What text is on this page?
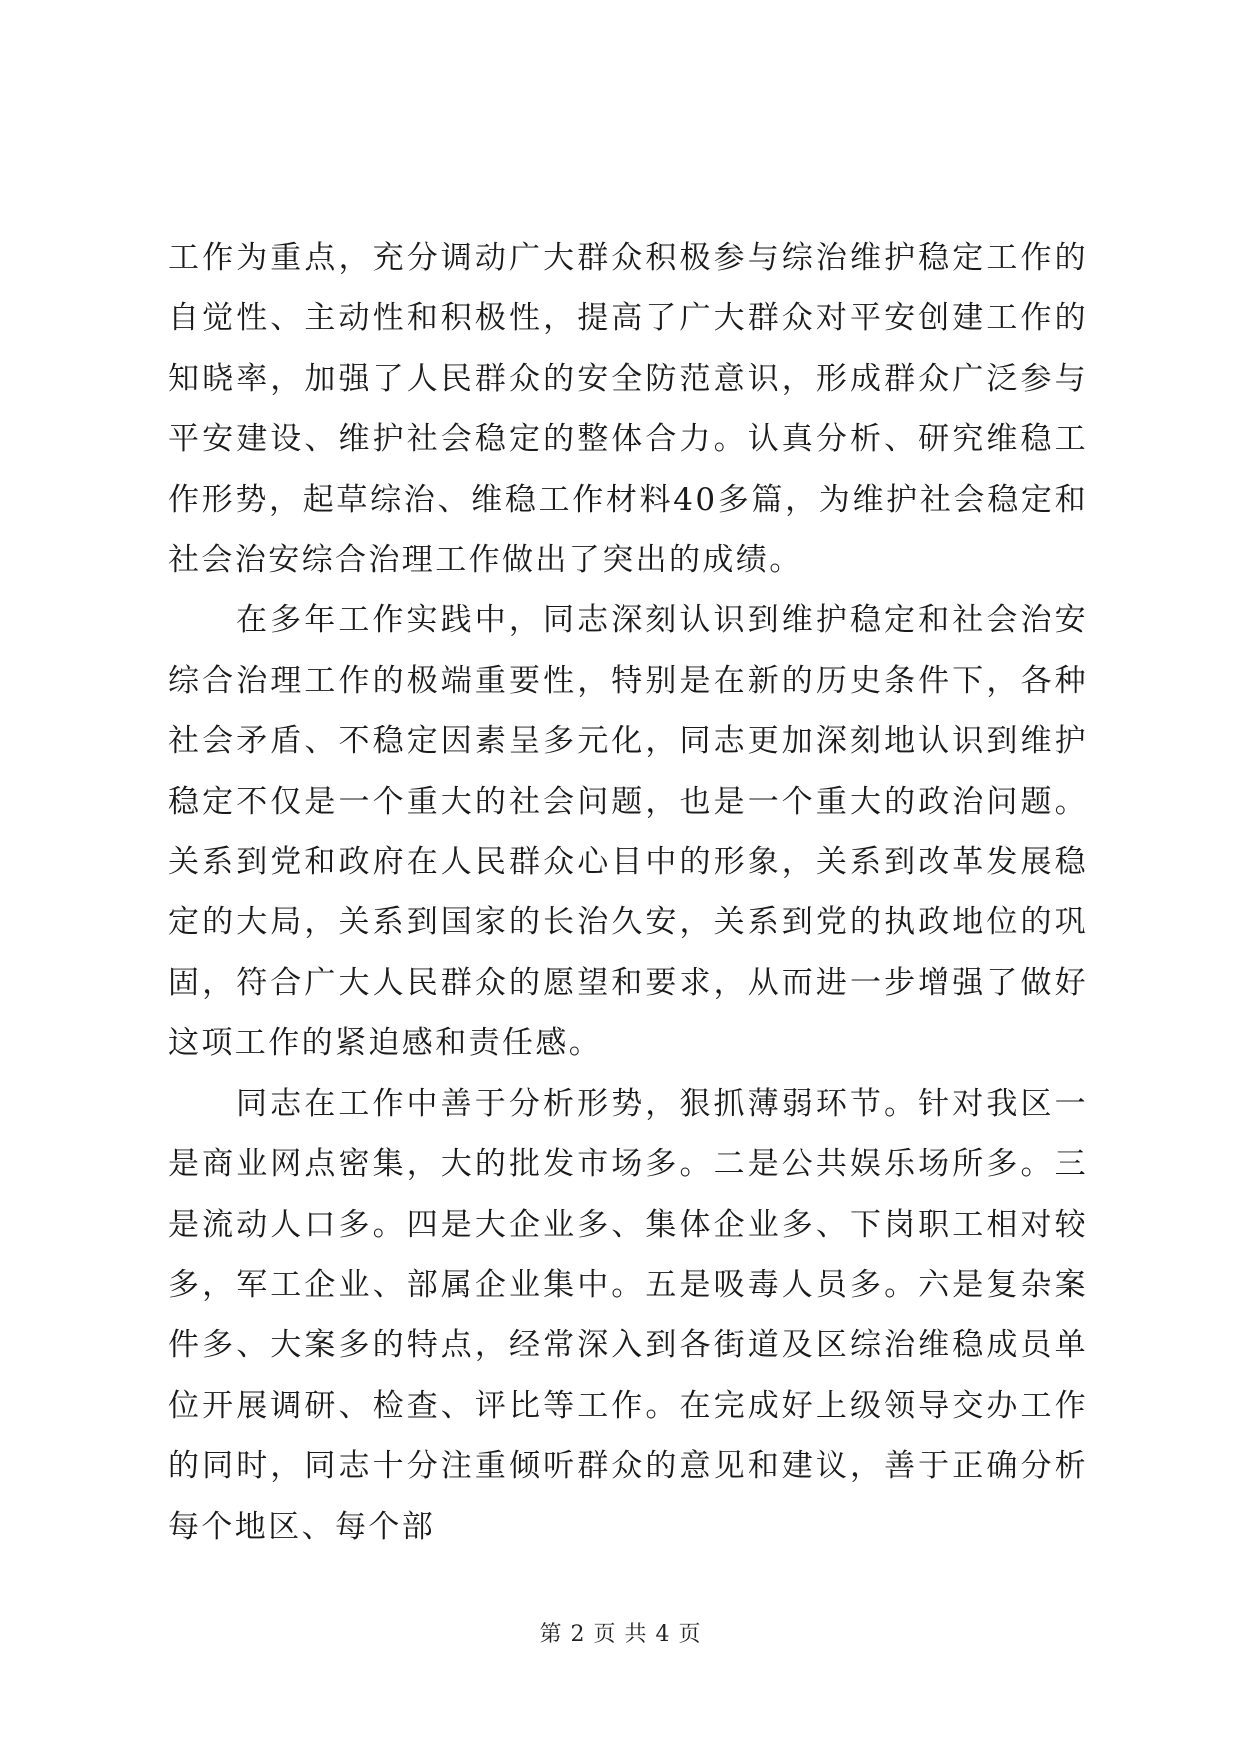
工作为重点，充分调动广大群众积极参与综治维护稳定工作的自觉性、主动性和积极性，提高了广大群众对平安创建工作的知晓率，加强了人民群众的安全防范意识，形成群众广泛参与平安建设、维护社会稳定的整体合力。认真分析、研究维稳工作形势，起草综治、维稳工作材料40多篇，为维护社会稳定和社会治安综合治理工作做出了突出的成绩。

在多年工作实践中，同志深刻认识到维护稳定和社会治安综合治理工作的极端重要性，特别是在新的历史条件下，各种社会矛盾、不稳定因素呈多元化，同志更加深刻地认识到维护稳定不仅是一个重大的社会问题，也是一个重大的政治问题。关系到党和政府在人民群众心目中的形象，关系到改革发展稳定的大局，关系到国家的长治久安，关系到党的执政地位的巩固，符合广大人民群众的愿望和要求，从而进一步增强了做好这项工作的紧迫感和责任感。

同志在工作中善于分析形势，狠抓薄弱环节。针对我区一是商业网点密集，大的批发市场多。二是公共娱乐场所多。三是流动人口多。四是大企业多、集体企业多、下岗职工相对较多，军工企业、部属企业集中。五是吸毒人员多。六是复杂案件多、大案多的特点，经常深入到各街道及区综治维稳成员单位开展调研、检查、评比等工作。在完成好上级领导交办工作的同时，同志十分注重倾听群众的意见和建议，善于正确分析每个地区、每个部

第 2 页 共 4 页
